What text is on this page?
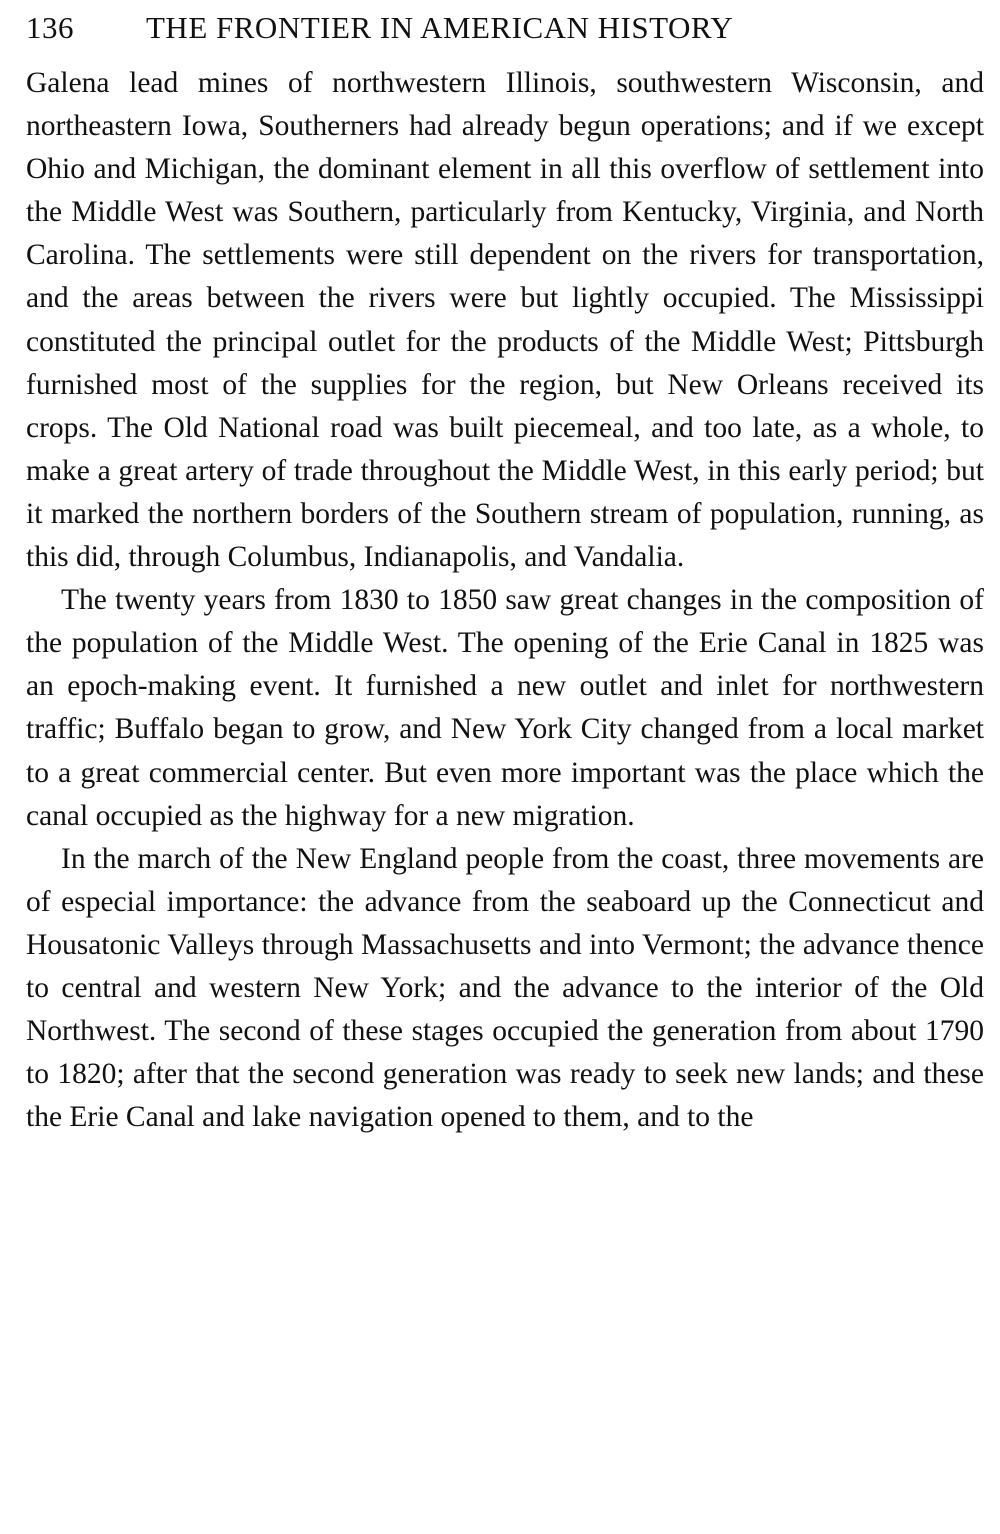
136	THE FRONTIER IN AMERICAN HISTORY

Galena lead mines of northwestern Illinois, southwestern Wisconsin, and northeastern Iowa, Southerners had already begun operations; and if we except Ohio and Michigan, the dominant element in all this overflow of settlement into the Middle West was Southern, particularly from Kentucky, Virginia, and North Carolina. The settlements were still dependent on the rivers for transportation, and the areas between the rivers were but lightly occupied. The Mississippi constituted the principal outlet for the products of the Middle West; Pittsburgh furnished most of the supplies for the region, but New Orleans received its crops. The Old National road was built piecemeal, and too late, as a whole, to make a great artery of trade throughout the Middle West, in this early period; but it marked the northern borders of the Southern stream of population, running, as this did, through Columbus, Indianapolis, and Vandalia.

The twenty years from 1830 to 1850 saw great changes in the composition of the population of the Middle West. The opening of the Erie Canal in 1825 was an epoch-making event. It furnished a new outlet and inlet for northwestern traffic; Buffalo began to grow, and New York City changed from a local market to a great commercial center. But even more important was the place which the canal occupied as the highway for a new migration.

In the march of the New England people from the coast, three movements are of especial importance: the advance from the seaboard up the Connecticut and Housatonic Valleys through Massachusetts and into Vermont; the advance thence to central and western New York; and the advance to the interior of the Old Northwest. The second of these stages occupied the generation from about 1790 to 1820; after that the second generation was ready to seek new lands; and these the Erie Canal and lake navigation opened to them, and to the
